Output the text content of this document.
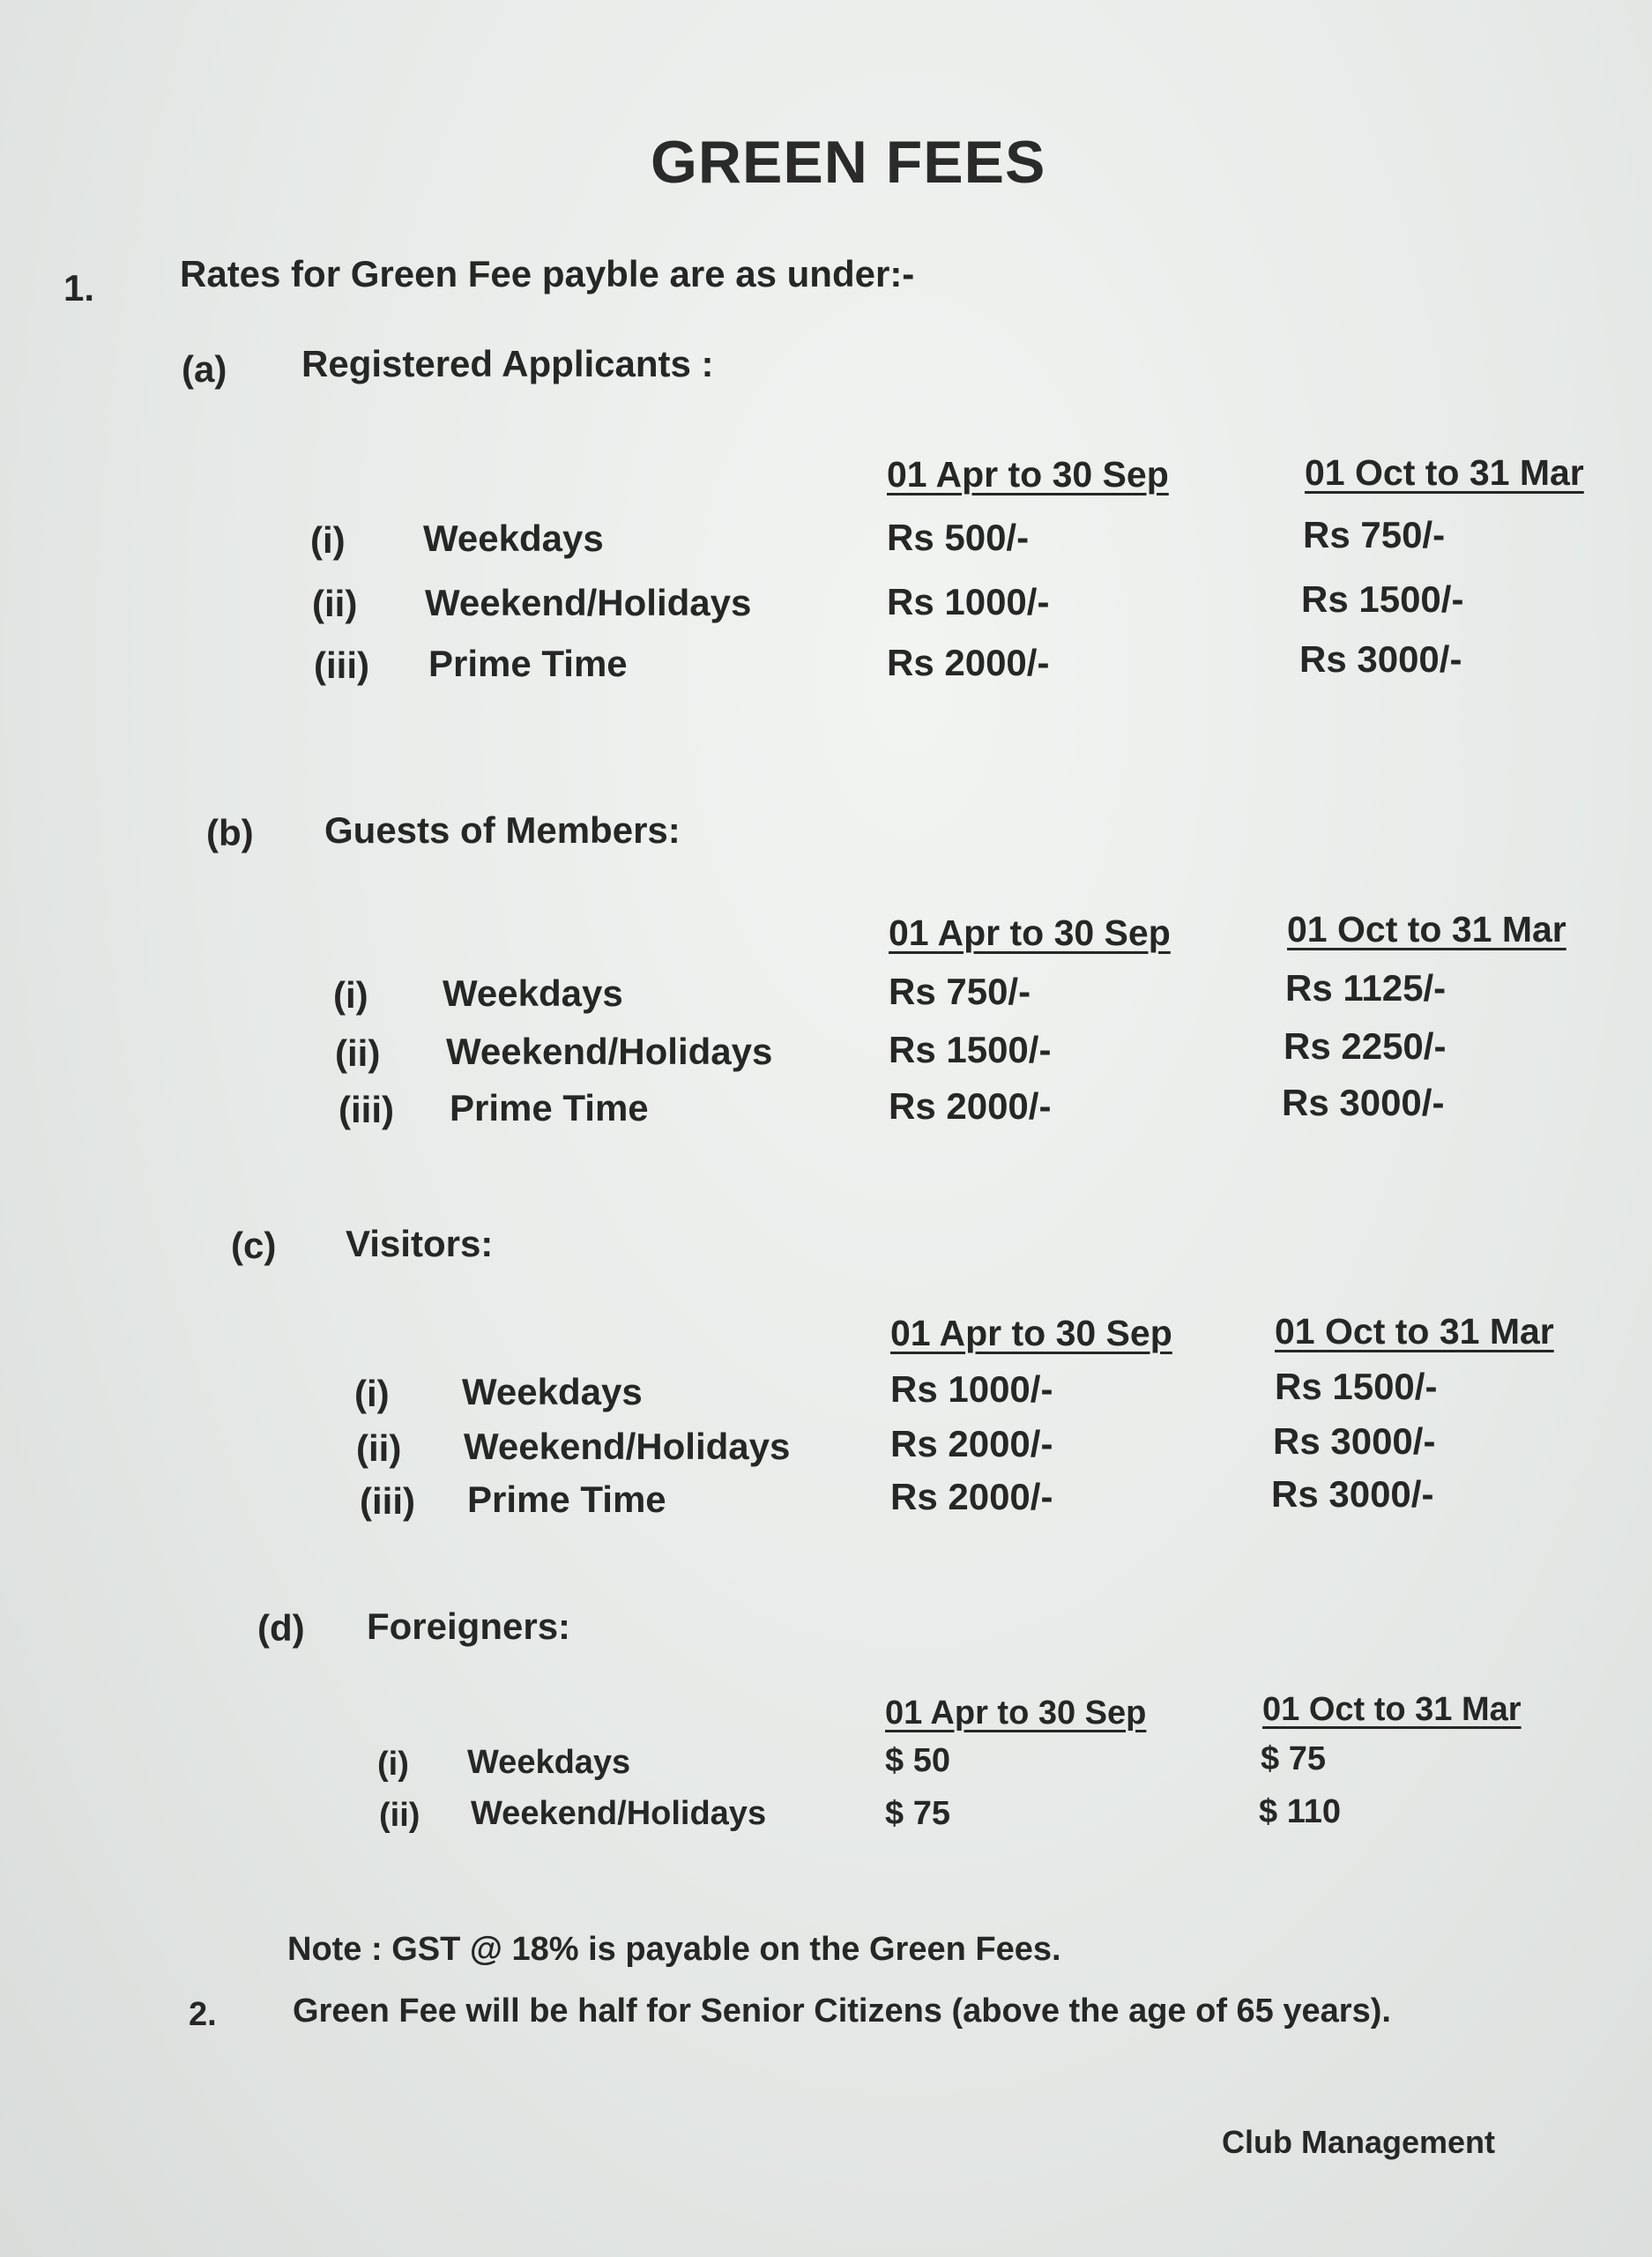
GREEN FEES
1. Rates for Green Fee payble are as under:-
(a) Registered Applicants :
01 Apr to 30 Sep	01 Oct to 31 Mar
(i) Weekdays	Rs 500/-	Rs 750/-
(ii) Weekend/Holidays	Rs 1000/-	Rs 1500/-
(iii) Prime Time	Rs 2000/-	Rs 3000/-
(b) Guests of Members:
01 Apr to 30 Sep	01 Oct to 31 Mar
(i) Weekdays	Rs 750/-	Rs 1125/-
(ii) Weekend/Holidays	Rs 1500/-	Rs 2250/-
(iii) Prime Time	Rs 2000/-	Rs 3000/-
(c) Visitors:
01 Apr to 30 Sep	01 Oct to 31 Mar
(i) Weekdays	Rs 1000/-	Rs 1500/-
(ii) Weekend/Holidays	Rs 2000/-	Rs 3000/-
(iii) Prime Time	Rs 2000/-	Rs 3000/-
(d) Foreigners:
01 Apr to 30 Sep	01 Oct to 31 Mar
(i) Weekdays	$ 50	$ 75
(ii) Weekend/Holidays	$ 75	$ 110
Note : GST @ 18% is payable on the Green Fees.
2. Green Fee will be half for Senior Citizens (above the age of 65 years).
Club Management
